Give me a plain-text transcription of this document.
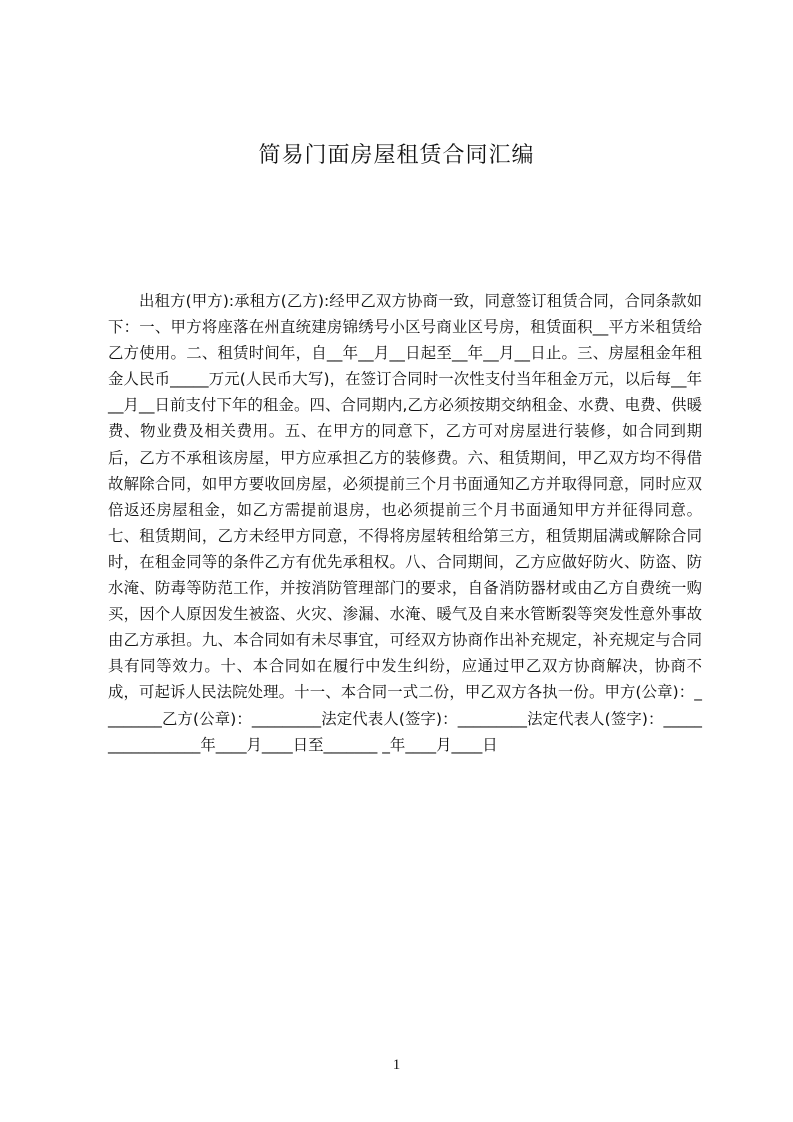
简易门面房屋租赁合同汇编
出租方(甲方):承租方(乙方):经甲乙双方协商一致，同意签订租赁合同，合同条款如下：一、甲方将座落在州直统建房锦绣号小区号商业区号房，租赁面积__平方米租赁给乙方使用。二、租赁时间年，自__年__月__日起至__年__月__日止。三、房屋租金年租金人民币_____万元(人民币大写)，在签订合同时一次性支付当年租金万元，以后每__年__月__日前支付下年的租金。四、合同期内,乙方必须按期交纳租金、水费、电费、供暖费、物业费及相关费用。五、在甲方的同意下，乙方可对房屋进行装修，如合同到期后，乙方不承租该房屋，甲方应承担乙方的装修费。六、租赁期间，甲乙双方均不得借故解除合同，如甲方要收回房屋，必须提前三个月书面通知乙方并取得同意，同时应双倍返还房屋租金，如乙方需提前退房，也必须提前三个月书面通知甲方并征得同意。七、租赁期间，乙方未经甲方同意，不得将房屋转租给第三方，租赁期届满或解除合同时，在租金同等的条件乙方有优先承租权。八、合同期间，乙方应做好防火、防盗、防水淹、防毒等防范工作，并按消防管理部门的要求，自备消防器材或由乙方自费统一购买，因个人原因发生被盗、火灾、渗漏、水淹、暖气及自来水管断裂等突发性意外事故由乙方承担。九、本合同如有未尽事宜，可经双方协商作出补充规定，补充规定与合同具有同等效力。十、本合同如在履行中发生纠纷，应通过甲乙双方协商解决，协商不成，可起诉人民法院处理。十一、本合同一式二份，甲乙双方各执一份。甲方(公章)：________乙方(公章)：_________法定代表人(签字)：_________法定代表人(签字)：_________________年____月____日至_______ _年____月____日
1
